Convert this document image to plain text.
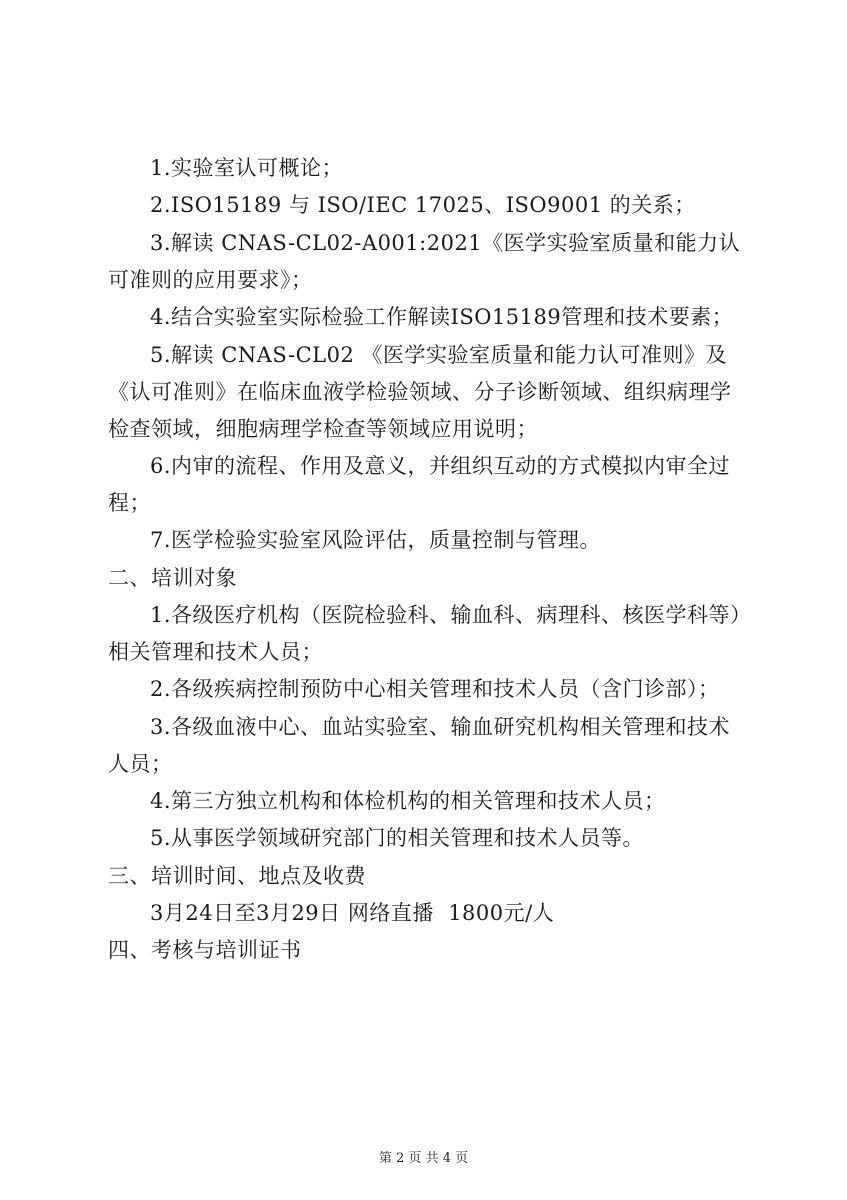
1.实验室认可概论；

2.ISO15189 与 ISO/IEC 17025、ISO9001 的关系；

3.解读 CNAS-CL02-A001:2021《医学实验室质量和能力认可准则的应用要求》；

4.结合实验室实际检验工作解读ISO15189管理和技术要素；

5.解读 CNAS-CL02 《医学实验室质量和能力认可准则》及《认可准则》在临床血液学检验领域、分子诊断领域、组织病理学检查领域，细胞病理学检查等领域应用说明；

6.内审的流程、作用及意义，并组织互动的方式模拟内审全过程；

7.医学检验实验室风险评估，质量控制与管理。

二、培训对象

1.各级医疗机构（医院检验科、输血科、病理科、核医学科等）相关管理和技术人员；

2.各级疾病控制预防中心相关管理和技术人员（含门诊部）；

3.各级血液中心、血站实验室、输血研究机构相关管理和技术人员；

4.第三方独立机构和体检机构的相关管理和技术人员；

5.从事医学领域研究部门的相关管理和技术人员等。

三、培训时间、地点及收费

3月24日至3月29日 网络直播  1800元/人

四、考核与培训证书

第 2 页 共 4 页
